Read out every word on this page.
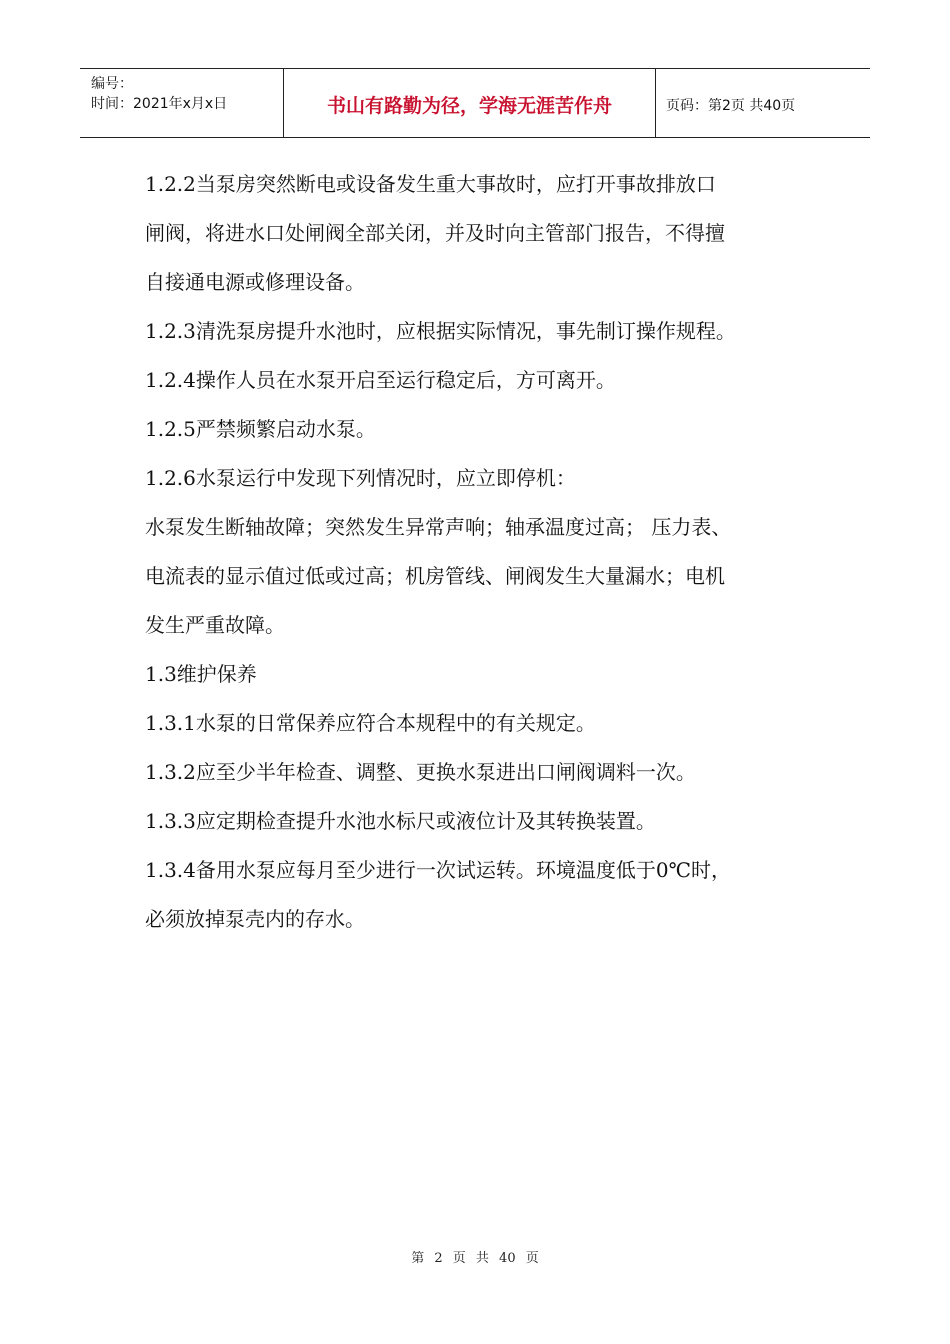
编号：
时间：2021年x月x日	书山有路勤为径，学海无涯苦作舟	页码：第2页 共40页

1.2.2当泵房突然断电或设备发生重大事故时，应打开事故排放口

闸阀，将进水口处闸阀全部关闭，并及时向主管部门报告，不得擅

自接通电源或修理设备。

1.2.3清洗泵房提升水池时，应根据实际情况，事先制订操作规程。

1.2.4操作人员在水泵开启至运行稳定后，方可离开。

1.2.5严禁频繁启动水泵。

1.2.6水泵运行中发现下列情况时，应立即停机：

水泵发生断轴故障；突然发生异常声响；轴承温度过高； 压力表、

电流表的显示值过低或过高；机房管线、闸阀发生大量漏水；电机

发生严重故障。

1.3维护保养

1.3.1水泵的日常保养应符合本规程中的有关规定。

1.3.2应至少半年检查、调整、更换水泵进出口闸阀调料一次。

1.3.3应定期检查提升水池水标尺或液位计及其转换装置。

1.3.4备用水泵应每月至少进行一次试运转。环境温度低于0℃时，

必须放掉泵壳内的存水。

第 2 页 共 40 页
